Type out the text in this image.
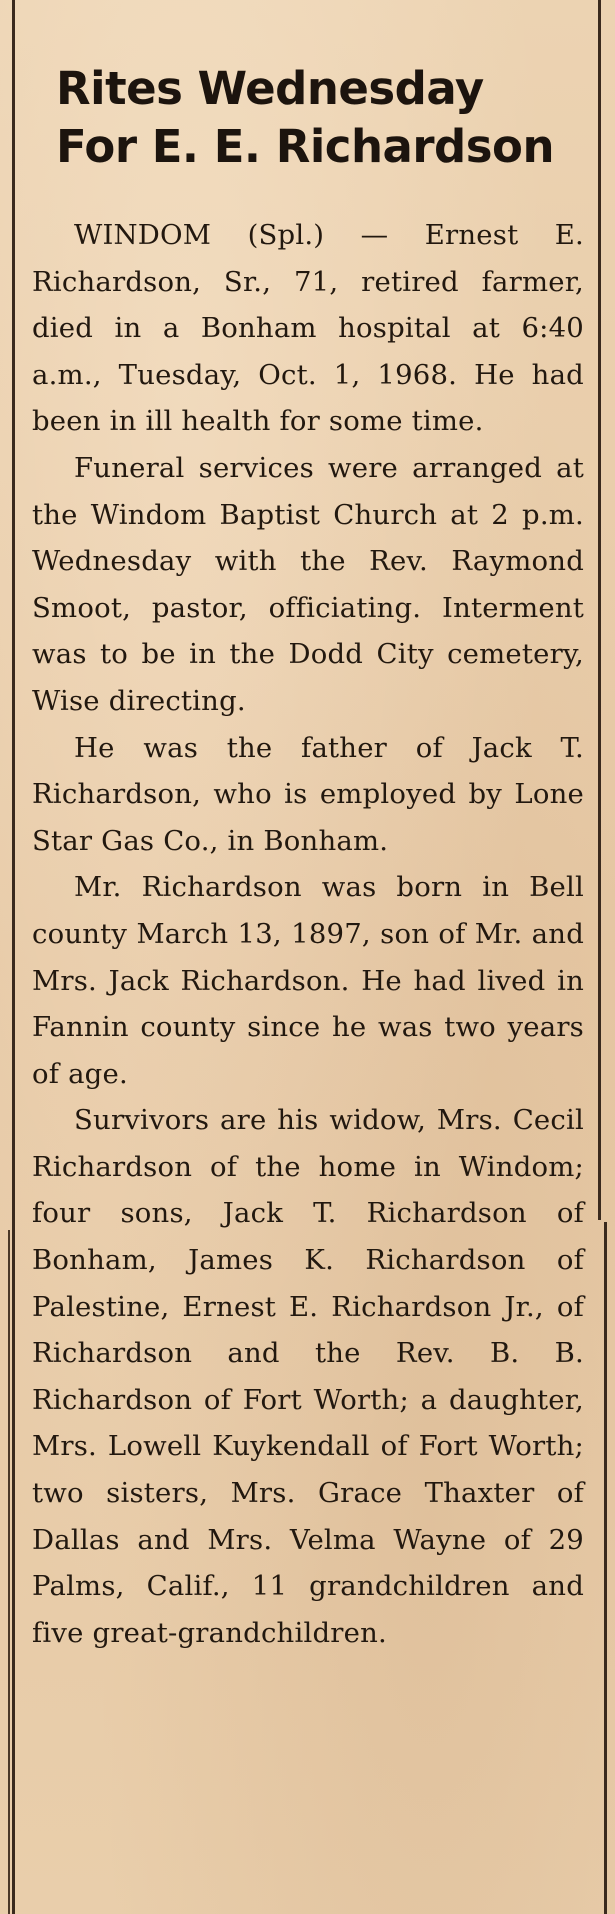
Rites Wednesday
For E. E. Richardson

WINDOM (Spl.) — Ernest E. Richardson, Sr., 71, retired farmer, died in a Bonham hospital at 6:40 a.m., Tuesday, Oct. 1, 1968. He had been in ill health for some time.

Funeral services were arranged at the Windom Baptist Church at 2 p.m. Wednesday with the Rev. Raymond Smoot, pastor, officiating. Interment was to be in the Dodd City cemetery, Wise directing.

He was the father of Jack T. Richardson, who is employed by Lone Star Gas Co., in Bonham.

Mr. Richardson was born in Bell county March 13, 1897, son of Mr. and Mrs. Jack Richardson. He had lived in Fannin county since he was two years of age.

Survivors are his widow, Mrs. Cecil Richardson of the home in Windom; four sons, Jack T. Richardson of Bonham, James K. Richardson of Palestine, Ernest E. Richardson Jr., of Richardson and the Rev. B. B. Richardson of Fort Worth; a daughter, Mrs. Lowell Kuykendall of Fort Worth; two sisters, Mrs. Grace Thaxter of Dallas and Mrs. Velma Wayne of 29 Palms, Calif., 11 grandchildren and five great-grandchildren.
